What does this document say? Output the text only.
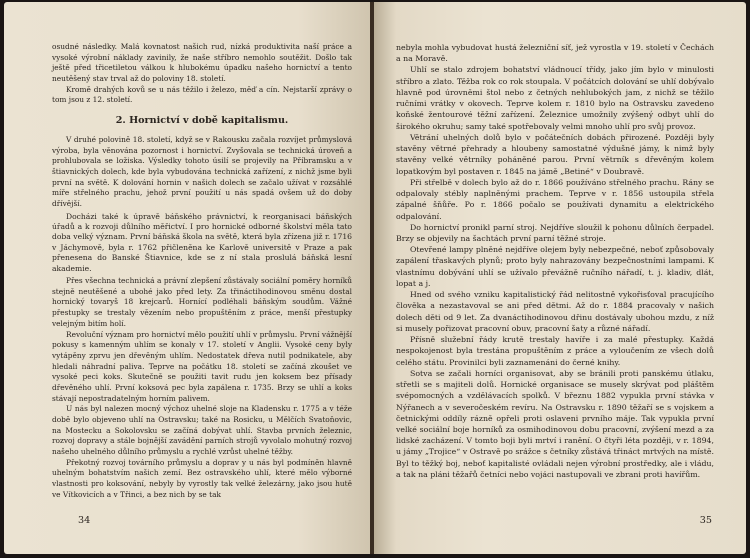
osudné následky. Malá kovnatost našich rud, nízká produktivita naší práce a vysoké výrobní náklady zavinily, že naše stříbro nemohlo soutěžit. Došlo tak ještě před třicetiletou válkou k hlubokému úpadku našeho hornictví a tento neutěšený stav trval až do poloviny 18. století.

Kromě drahých kovů se u nás těžilo i železo, měď a cín. Nejstarší zprávy o tom jsou z 12. století.

2. Hornictví v době kapitalismu.

V druhé polovině 18. století, když se v Rakousku začala rozvíjet průmyslová výroba, byla věnována pozornost i hornictví. Zvyšovala se technická úroveň a prohlubovala se ložiska. Výsledky tohoto úsilí se projevily na Příbramsku a v štiavnických dolech, kde byla vybudována technická zařízení, z nichž jsme byli první na světě. K dolování hornin v našich dolech se začalo užívat v rozsáhlé míře střelného prachu, jehož první použití u nás spadá ovšem už do doby dřívější.

Docházi také k úpravě báňského právnictví, k reorganisaci báňských úřadů a k rozvoji důlního měřictví. I pro hornické odborné školství měla tato doba velký význam. První báňská škola na světě, která byla zřízena již r. 1716 v Jáchymově, byla r. 1762 přičleněna ke Karlově universitě v Praze a pak přenesena do Banské Štiavnice, kde se z ní stala proslulá báňská lesní akademie.

Přes všechna technická a právní zlepšení zůstávaly sociální poměry horníků stejně neutěšené a ubohé jako před lety. Za třináctihodinovou směnu dostal hornický tovaryš 18 krejcarů. Hornící podléhali báňským soudům. Vážné přestupky se trestaly vězením nebo propuštěním z práce, menší přestupky velejným bitím holí.

Revoluční význam pro hornictví mělo použití uhlí v průmyslu. První vážnější pokusy s kamenným uhlím se konaly v 17. století v Anglii. Vysoké ceny byly vytápěny zprvu jen dřevěným uhlím. Nedostatek dřeva nutil podnikatele, aby hledali náhradní paliva. Teprve na počátku 18. století se začíná zkoušet ve vysoké peci koks. Skutečně se použiti tavit rudu jen koksem bez přísady dřevěného uhlí. První koksová pec byla zapálena r. 1735. Brzy se uhlí a koks stávají nepostradatelným horním palivem.

U nás byl nalezen mocný výchoz uhelné sloje na Kladensku r. 1775 a v téže době bylo objeveno uhlí na Ostravsku; také na Rosicku, u Mělčích Svatoňovic, na Mostecku a Sokolovsku se začíná dobývat uhlí. Stavba prvních železnic, rozvoj dopravy a stále bojnější zavádění parních strojů vyvolalo mohutný rozvoj našeho uhelného důlního průmyslu a rychlé vzrůst uhelné těžby.

Překotný rozvoj továrního průmyslu a doprav y u nás byl podmíněn hlavně uhelným bohatstvím našich zemí. Bez ostravského uhlí, které mělo výborné vlastnosti pro koksování, nebyly by vyrostly tak velké železárny, jako jsou hutě ve Vítkovicích a v Třinci, a bez nich by se tak

34

nebyla mohla vybudovat hustá železniční síť, jež vyrostla v 19. století v Čechách a na Moravě.

Uhlí se stalo zdrojem bohatství vládnoucí třídy, jako jím bylo v minulosti stříbro a zlato. Těžba rok co rok stoupala. V počátcích dolování se uhlí dobývalo hlavně pod úrovněmi štol nebo z četných nehlubokých jam, z nichž se těžilo ručními vrátky v okovech. Teprve kolem r. 1810 bylo na Ostravsku zavedeno koňské žentourové těžní zařízení. Železnice umožnily zvýšený odbyt uhlí do širokého okruhu; samy také spotřebovaly velmi mnoho uhlí pro svůj provoz.

Větrání uhelných dolů bylo v počátečních dobách přirozené. Později byly stavěny větrné přehrady a hloubeny samostatné výdušné jámy, k nimž byly stavěny velké větrníky poháněné parou. První větrník s dřevěným kolem lopatkovým byl postaven r. 1845 na jámě „Betiné“ v Doubravě.

Při střelbě v dolech bylo až do r. 1866 používáno střelného prachu. Rány se odpalovaly stébly naplněnými prachem. Teprve v r. 1856 ustoupila střela zápalné šňůře. Po r. 1866 počalo se používati dynamitu a elektrického odpalování.

Do hornictví pronikl parní stroj. Nejdříve sloužil k pohonu důlních čerpadel. Brzy se objevily na šachtách první parní těžné stroje.

Otevřené lampy plněné nejdříve olejem byly nebezpečné, neboť způsobovaly zapálení třaskavých plynů; proto byly nahrazovány bezpečnostními lampami. K vlastnímu dobývání uhlí se užívalo převážně ručního nářadí, t. j. kladiv, dlát, lopat a j.

Hned od svého vzniku kapitalistický řád nelitostně vykořisťoval pracujícího člověka a nezastavoval se ani před dětmi. Až do r. 1884 pracovaly v našich dolech děti od 9 let. Za dvanáctihodinovou dřinu dostávaly ubohou mzdu, z níž si musely pořizovat pracovní obuv, pracovní šaty a různé nářadí.

Přísně služební řády krutě trestaly havíře i za malé přestupky. Každá nespokojenost byla trestána propuštěním z práce a vyloučením ze všech dolů celého státu. Provinilci byli zaznamenáni do černé knihy.

Sotva se začali horníci organisovat, aby se bránili proti panskému útlaku, střetli se s majiteli dolů. Hornické organisace se musely skrývat pod pláštěm svépomocných a vzdělávacích spolků. V březnu 1882 vypukla první stávka v Nýřanech a v severočeském revíru. Na Ostravsku r. 1890 těžaří se s vojskem a četnickými oddíly rázně opřeli proti oslaveni prvního máje. Tak vypukla první velké sociální boje horníků za osmihodinovou dobu pracovní, zvýšení mezd a za lidské zacházení. V tomto boji byli mrtví i ranění. O čtyři léta později, v r. 1894, u jámy „Trojice“ v Ostravě po srážce s četníky zůstává třináct mrtvých na místě. Byl to těžký boj, neboť kapitalisté ovládali nejen výrobní prostředky, ale i vládu, a tak na pláni těžařů četníci nebo vojáci nastupovali ve zbrani proti havířům.

35
